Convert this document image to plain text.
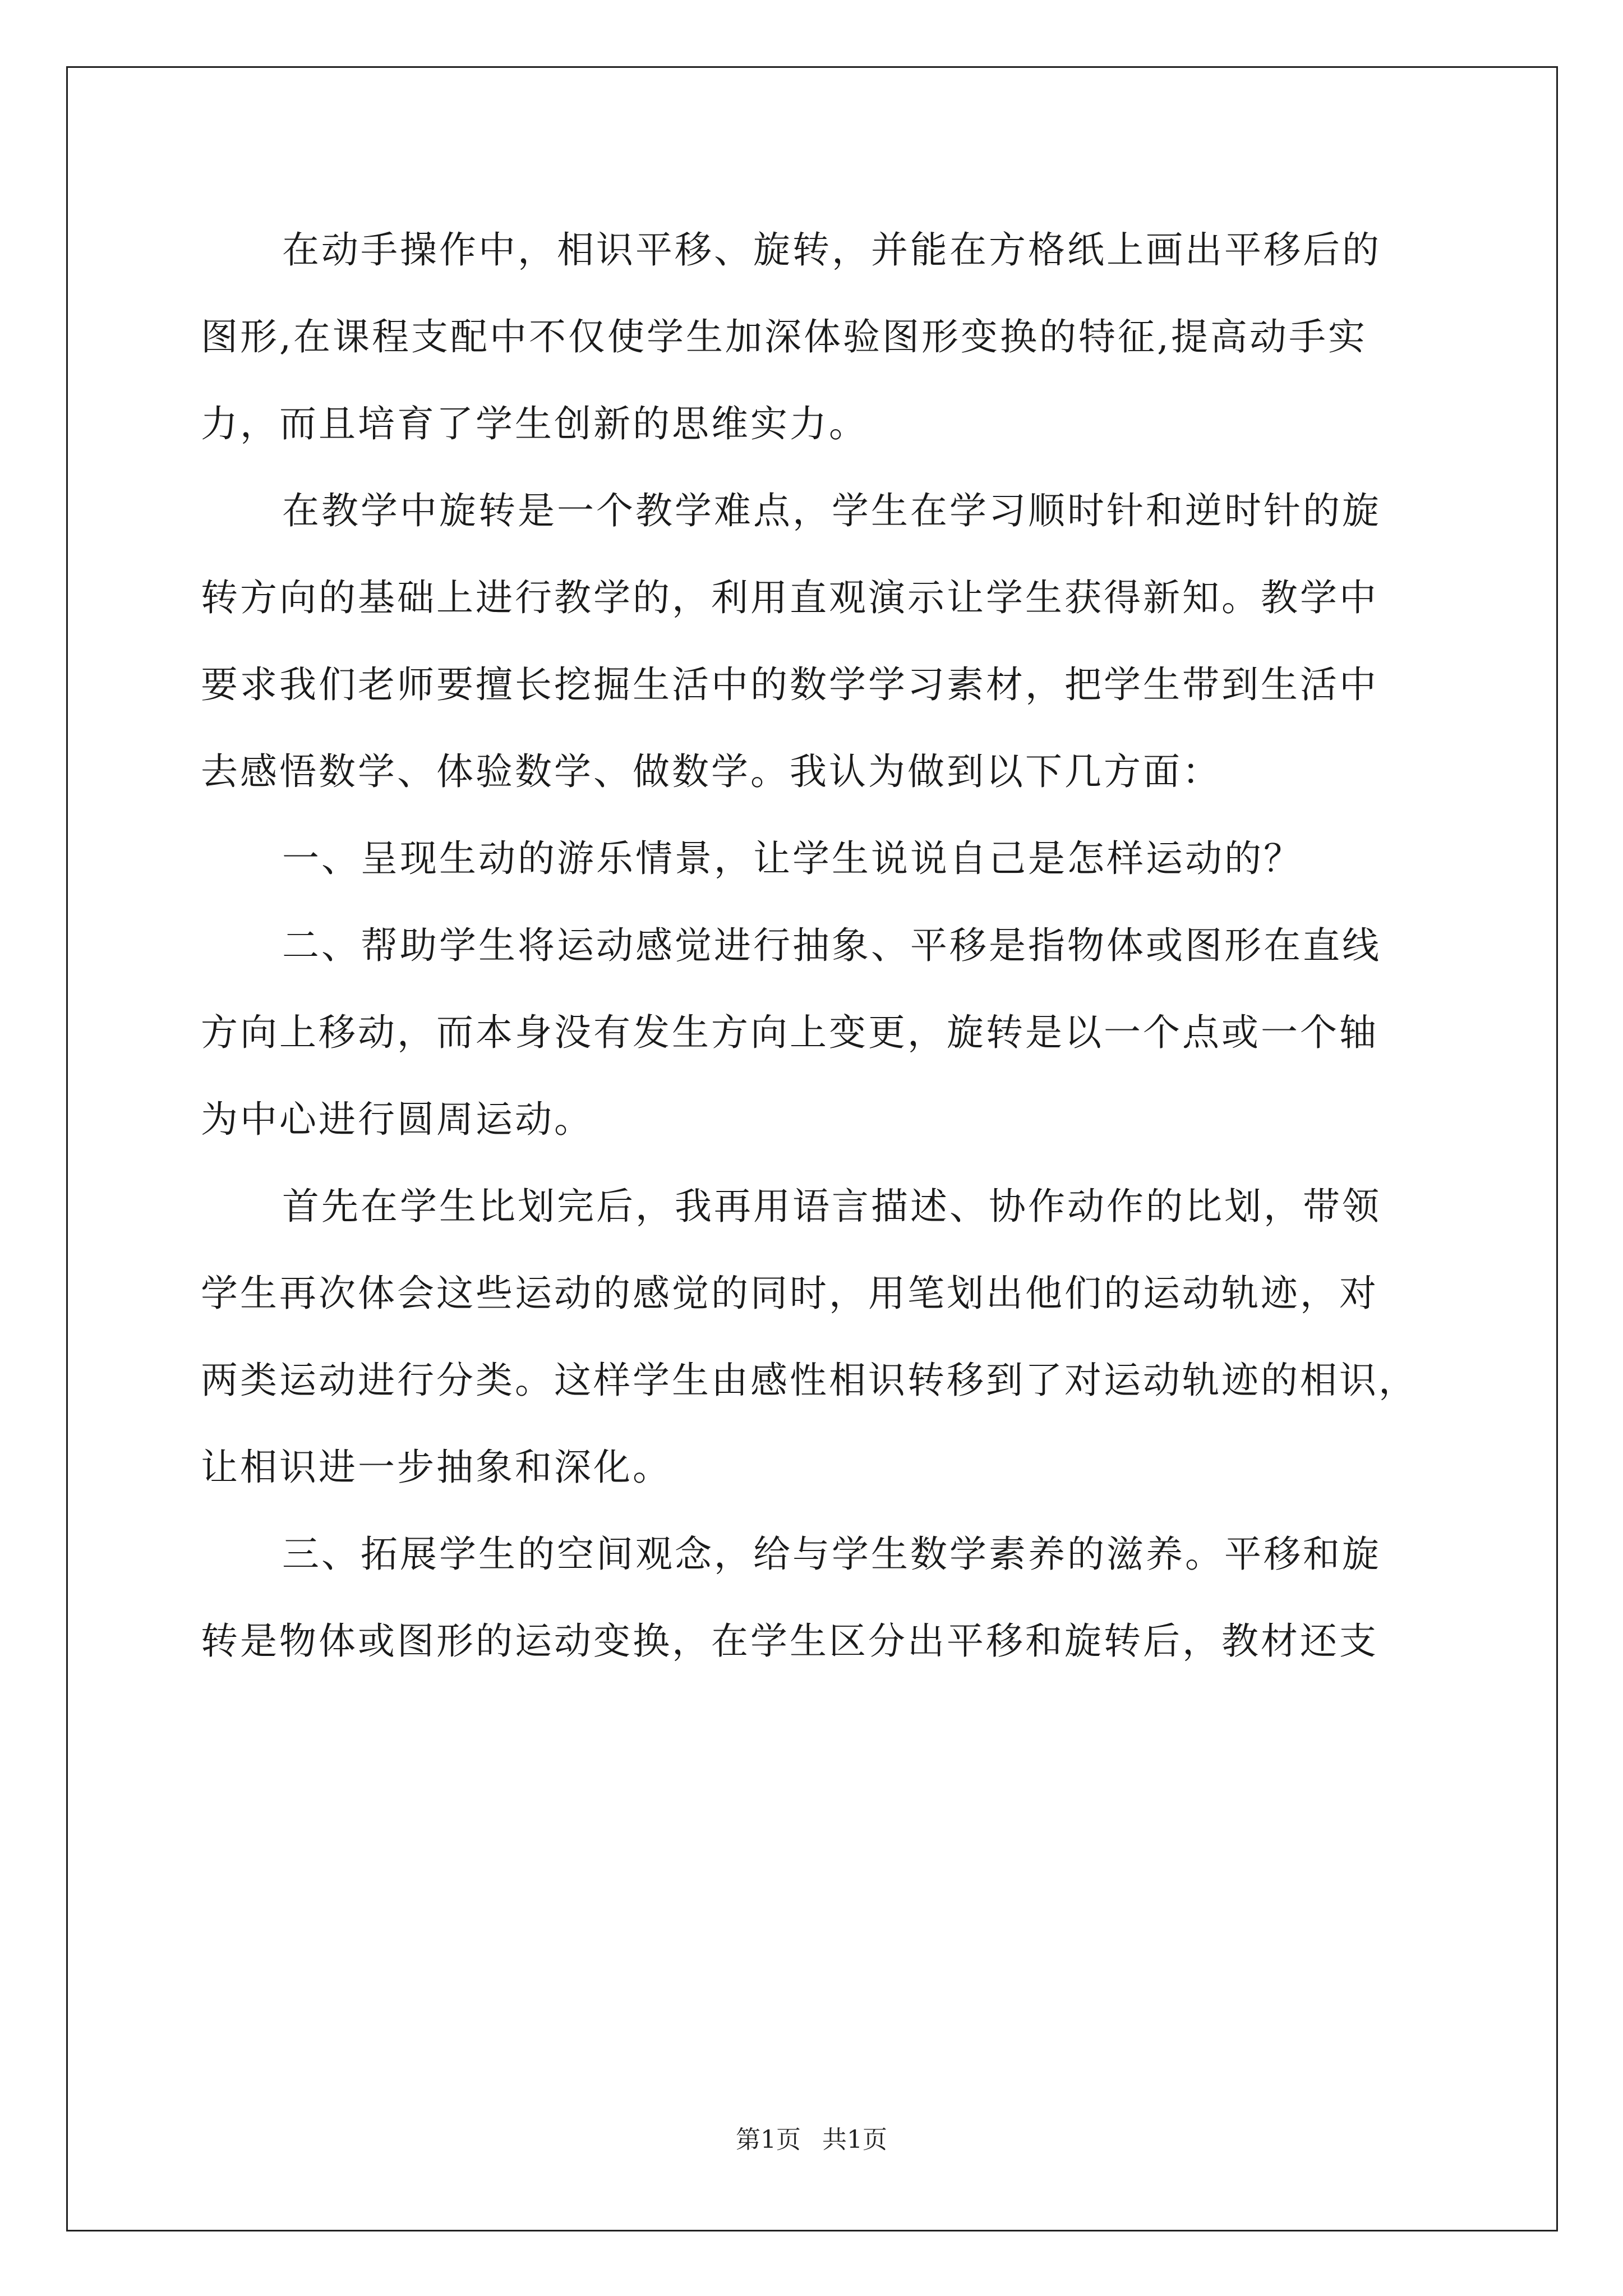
在动手操作中，相识平移、旋转，并能在方格纸上画出平移后的
图形,在课程支配中不仅使学生加深体验图形变换的特征,提高动手实
力，而且培育了学生创新的思维实力。
在教学中旋转是一个教学难点，学生在学习顺时针和逆时针的旋
转方向的基础上进行教学的，利用直观演示让学生获得新知。教学中
要求我们老师要擅长挖掘生活中的数学学习素材，把学生带到生活中
去感悟数学、体验数学、做数学。我认为做到以下几方面：
一、呈现生动的游乐情景，让学生说说自己是怎样运动的？
二、帮助学生将运动感觉进行抽象、平移是指物体或图形在直线
方向上移动，而本身没有发生方向上变更，旋转是以一个点或一个轴
为中心进行圆周运动。
首先在学生比划完后，我再用语言描述、协作动作的比划，带领
学生再次体会这些运动的感觉的同时，用笔划出他们的运动轨迹，对
两类运动进行分类。这样学生由感性相识转移到了对运动轨迹的相识，
让相识进一步抽象和深化。
三、拓展学生的空间观念，给与学生数学素养的滋养。平移和旋
转是物体或图形的运动变换，在学生区分出平移和旋转后，教材还支
第1页 共1页
